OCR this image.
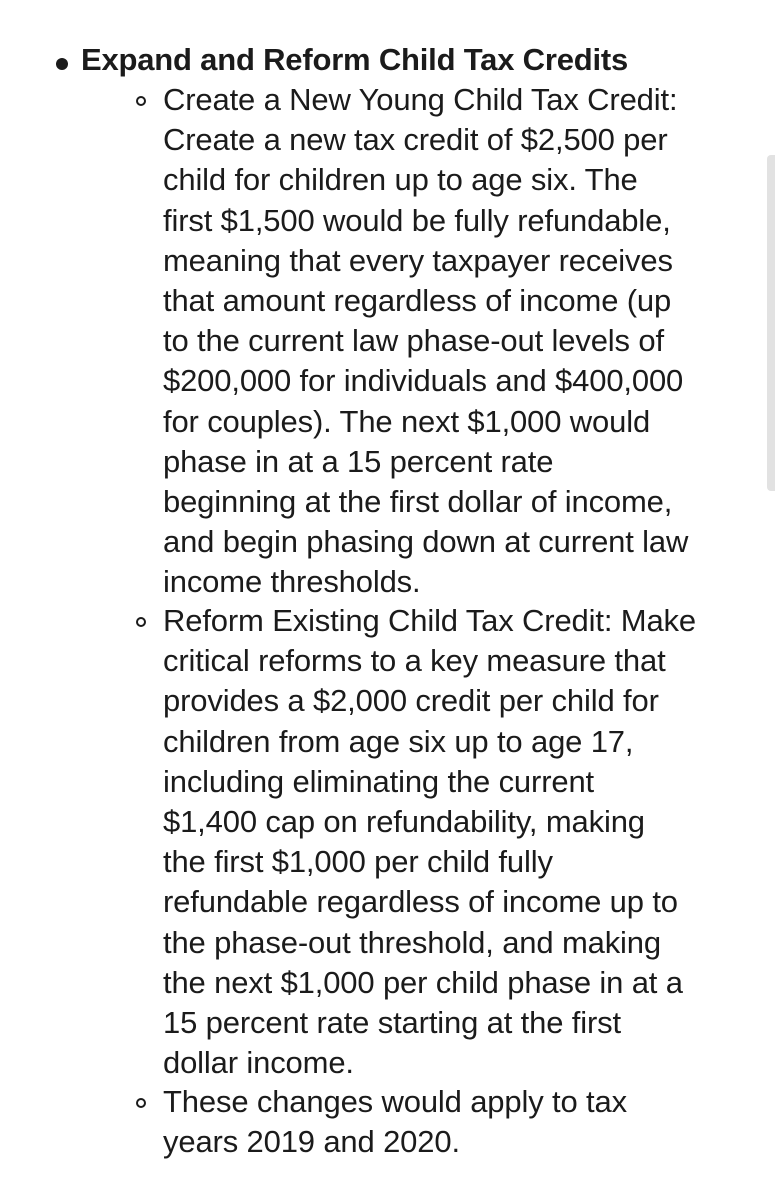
Expand and Reform Child Tax Credits
Create a New Young Child Tax Credit:
Create a new tax credit of $2,500 per
child for children up to age six. The
first $1,500 would be fully refundable,
meaning that every taxpayer receives
that amount regardless of income (up
to the current law phase-out levels of
$200,000 for individuals and $400,000
for couples). The next $1,000 would
phase in at a 15 percent rate
beginning at the first dollar of income,
and begin phasing down at current law
income thresholds.
Reform Existing Child Tax Credit: Make
critical reforms to a key measure that
provides a $2,000 credit per child for
children from age six up to age 17,
including eliminating the current
$1,400 cap on refundability, making
the first $1,000 per child fully
refundable regardless of income up to
the phase-out threshold, and making
the next $1,000 per child phase in at a
15 percent rate starting at the first
dollar income.
These changes would apply to tax
years 2019 and 2020.
